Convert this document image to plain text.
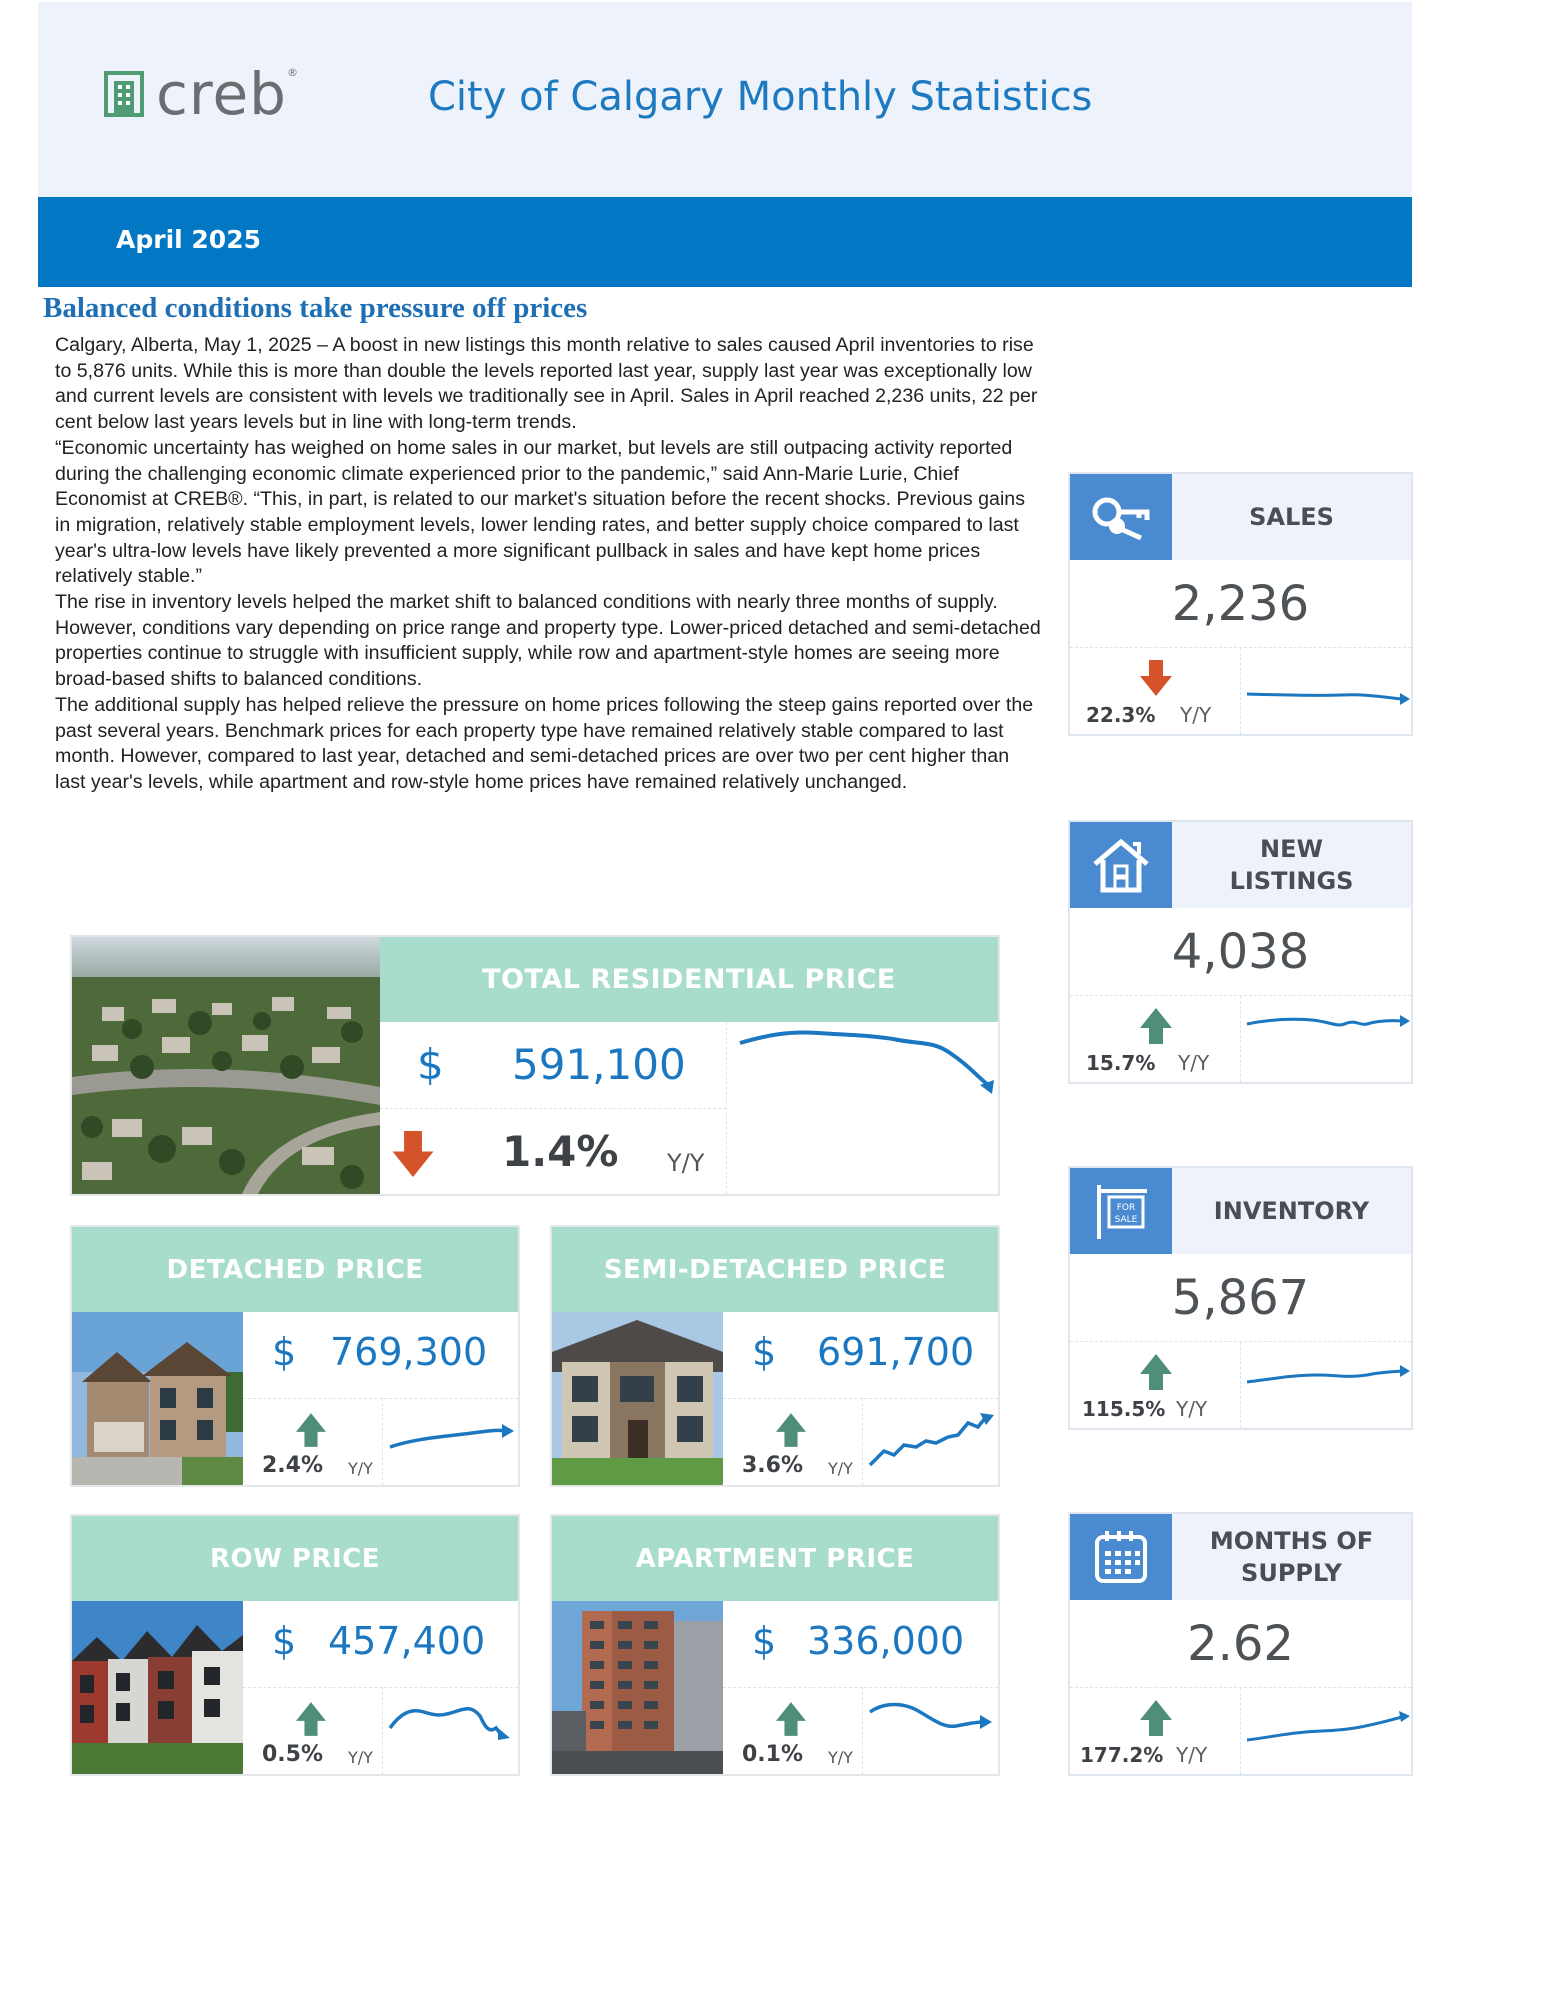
creb ®
City of Calgary Monthly Statistics
April 2025
Balanced conditions take pressure off prices

Calgary, Alberta, May 1, 2025 – A boost in new listings this month relative to sales caused April inventories to rise to 5,876 units. While this is more than double the levels reported last year, supply last year was exceptionally low and current levels are consistent with levels we traditionally see in April. Sales in April reached 2,236 units, 22 per cent below last years levels but in line with long-term trends.

“Economic uncertainty has weighed on home sales in our market, but levels are still outpacing activity reported during the challenging economic climate experienced prior to the pandemic,” said Ann-Marie Lurie, Chief Economist at CREB®. “This, in part, is related to our market's situation before the recent shocks. Previous gains in migration, relatively stable employment levels, lower lending rates, and better supply choice compared to last year's ultra-low levels have likely prevented a more significant pullback in sales and have kept home prices relatively stable.”

The rise in inventory levels helped the market shift to balanced conditions with nearly three months of supply. However, conditions vary depending on price range and property type. Lower-priced detached and semi-detached properties continue to struggle with insufficient supply, while row and apartment-style homes are seeing more broad-based shifts to balanced conditions.

The additional supply has helped relieve the pressure on home prices following the steep gains reported over the past several years. Benchmark prices for each property type have remained relatively stable compared to last month. However, compared to last year, detached and semi-detached prices are over two per cent higher than last year's levels, while apartment and row-style home prices have remained relatively unchanged.

SALES
2,236
22.3% Y/Y
NEW LISTINGS
4,038
15.7% Y/Y
FOR
SALE	INVENTORY
5,867
115.5% Y/Y
MONTHS OF SUPPLY
2.62
177.2% Y/Y
TOTAL RESIDENTIAL PRICE
$ 591,100
1.4% Y/Y
DETACHED PRICE
$ 769,300
2.4% Y/Y
SEMI-DETACHED PRICE
$ 691,700
3.6% Y/Y
ROW PRICE
$ 457,400
0.5% Y/Y
APARTMENT PRICE
$ 336,000
0.1% Y/Y
